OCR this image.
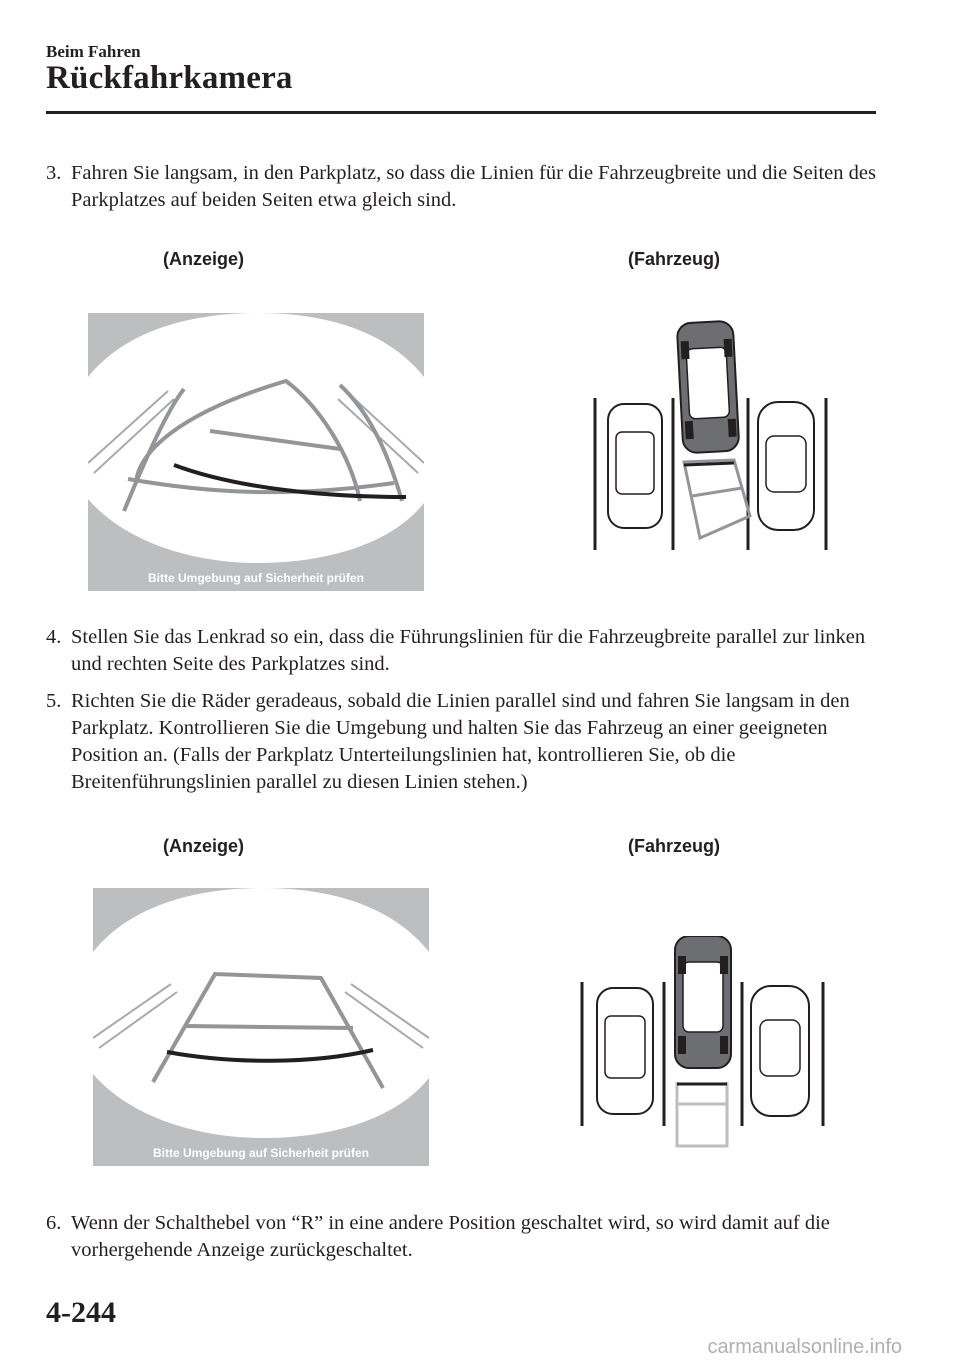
Beim Fahren
Rückfahrkamera
3. Fahren Sie langsam, in den Parkplatz, so dass die Linien für die Fahrzeugbreite und die Seiten des Parkplatzes auf beiden Seiten etwa gleich sind.
(Anzeige)	(Fahrzeug)
Bitte Umgebung auf Sicherheit prüfen
4. Stellen Sie das Lenkrad so ein, dass die Führungslinien für die Fahrzeugbreite parallel zur linken und rechten Seite des Parkplatzes sind.
5. Richten Sie die Räder geradeaus, sobald die Linien parallel sind und fahren Sie langsam in den Parkplatz. Kontrollieren Sie die Umgebung und halten Sie das Fahrzeug an einer geeigneten Position an. (Falls der Parkplatz Unterteilungslinien hat, kontrollieren Sie, ob die Breitenführungslinien parallel zu diesen Linien stehen.)
(Anzeige)	(Fahrzeug)
Bitte Umgebung auf Sicherheit prüfen
6. Wenn der Schalthebel von “R” in eine andere Position geschaltet wird, so wird damit auf die vorhergehende Anzeige zurückgeschaltet.
4-244
carmanualsonline.info
